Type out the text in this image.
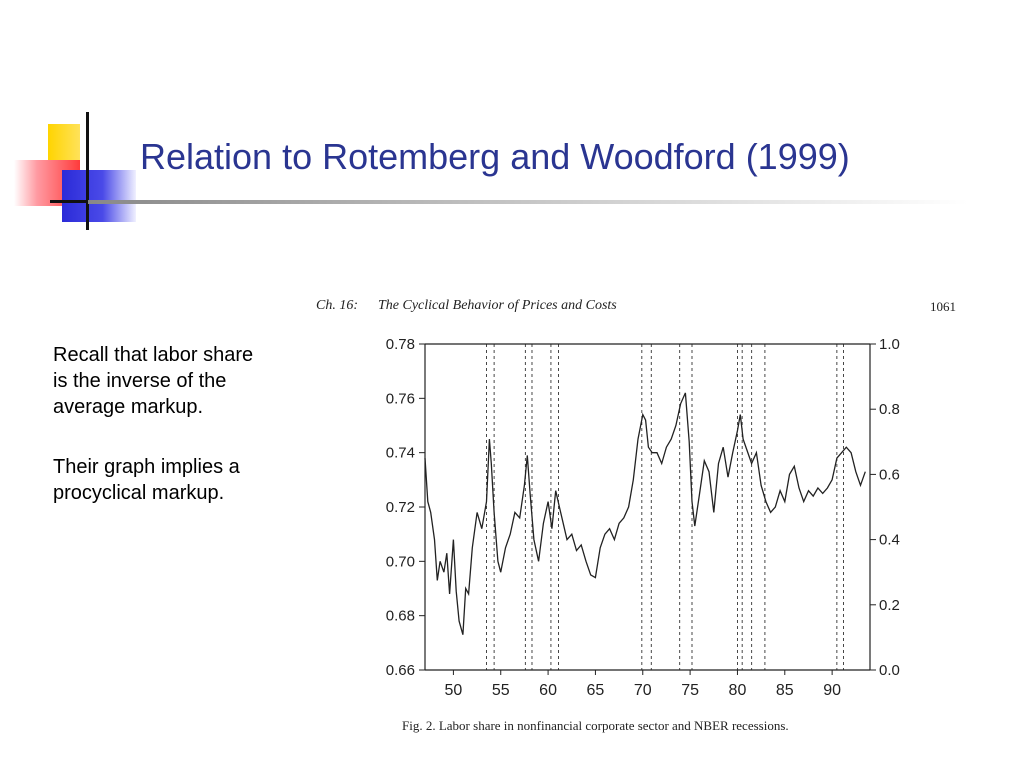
Relation to Rotemberg and Woodford (1999)

Recall that labor share is the inverse of the average markup.

Their graph implies a procyclical markup.

Ch. 16: The Cyclical Behavior of Prices and Costs	1061
0.66
0.68
0.70
0.72
0.74
0.76
0.78
0.0
0.2
0.4
0.6
0.8
1.0
50 55 60 65 70 75 80 85 90
Fig. 2. Labor share in nonfinancial corporate sector and NBER recessions.
